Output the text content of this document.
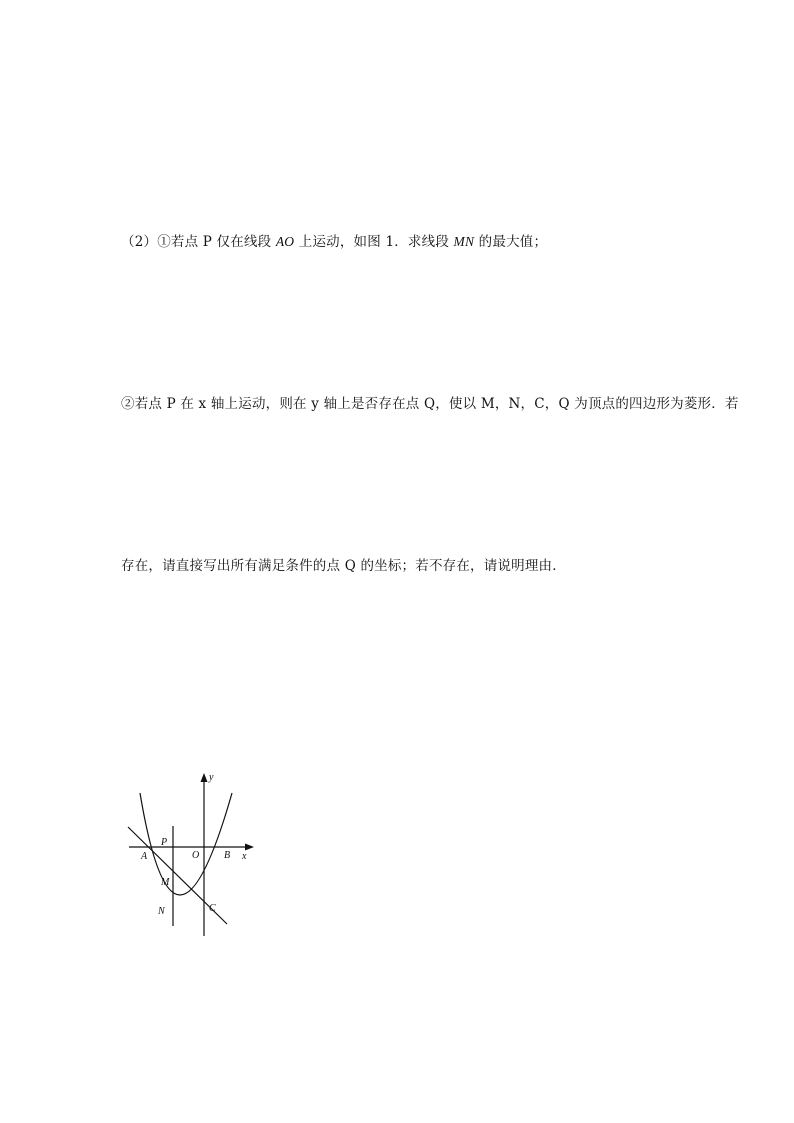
（2）①若点 P 仅在线段 AO 上运动，如图 1．求线段 MN 的最大值；
②若点 P 在 x 轴上运动，则在 y 轴上是否存在点 Q，使以 M，N，C，Q 为顶点的四边形为菱形．若
存在，请直接写出所有满足条件的点 Q 的坐标；若不存在，请说明理由．
y
x
A
P
O B
M
N	C
